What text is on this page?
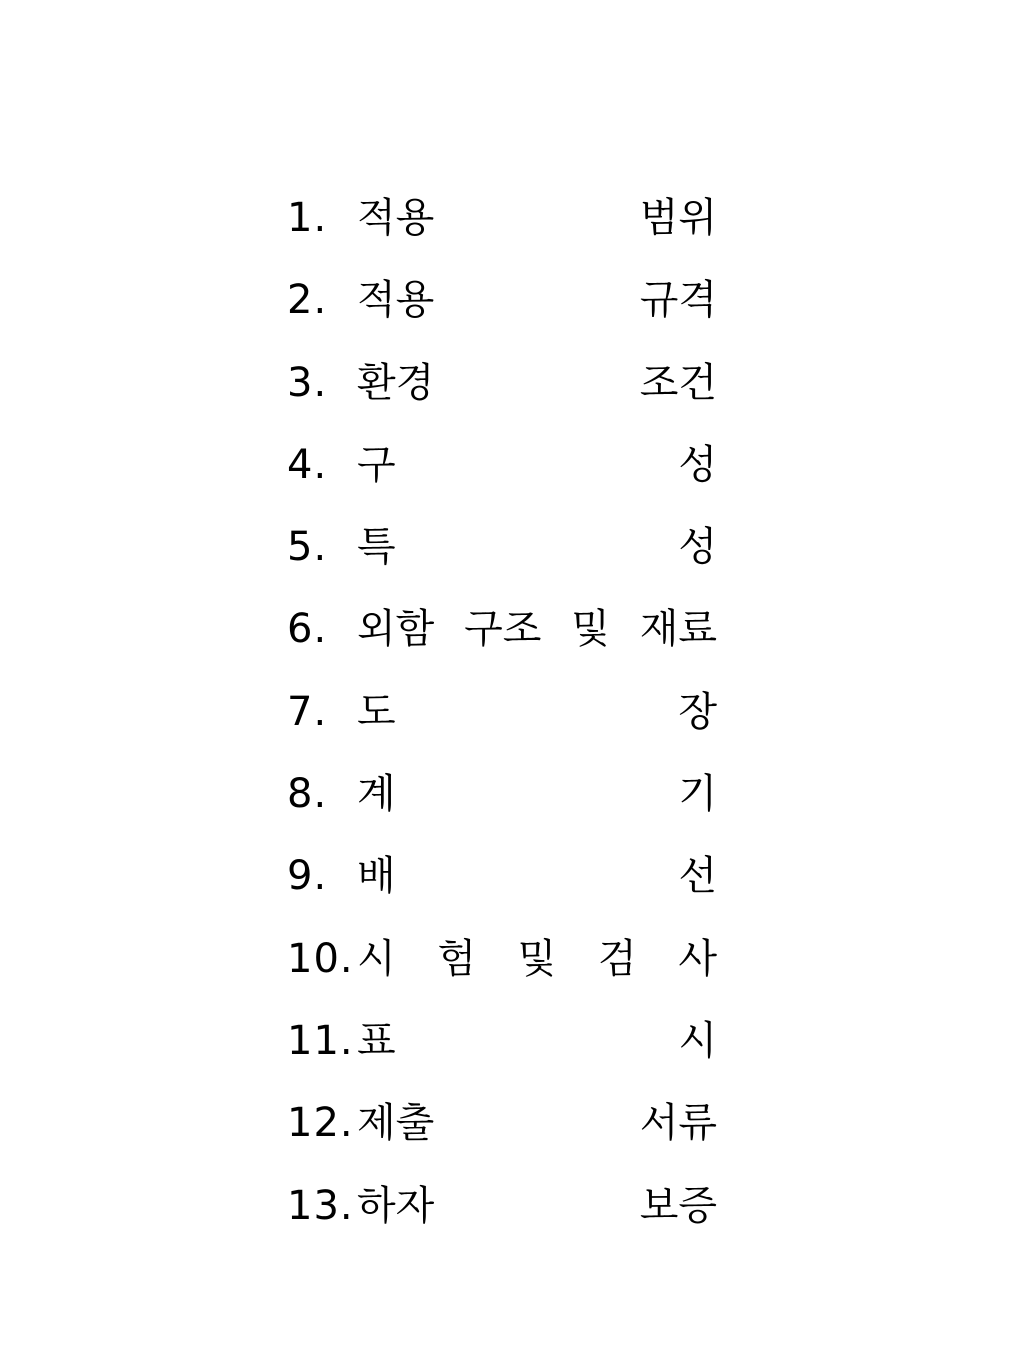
1. 적용	범위
2. 적용	규격
3. 환경	조건
4. 구	성
5. 특	성
6. 외함 구조 및 재료
7. 도	장
8. 계	기
9. 배	선
10. 시 험 및 검 사
11. 표	시
12. 제출	서류
13. 하자	보증
